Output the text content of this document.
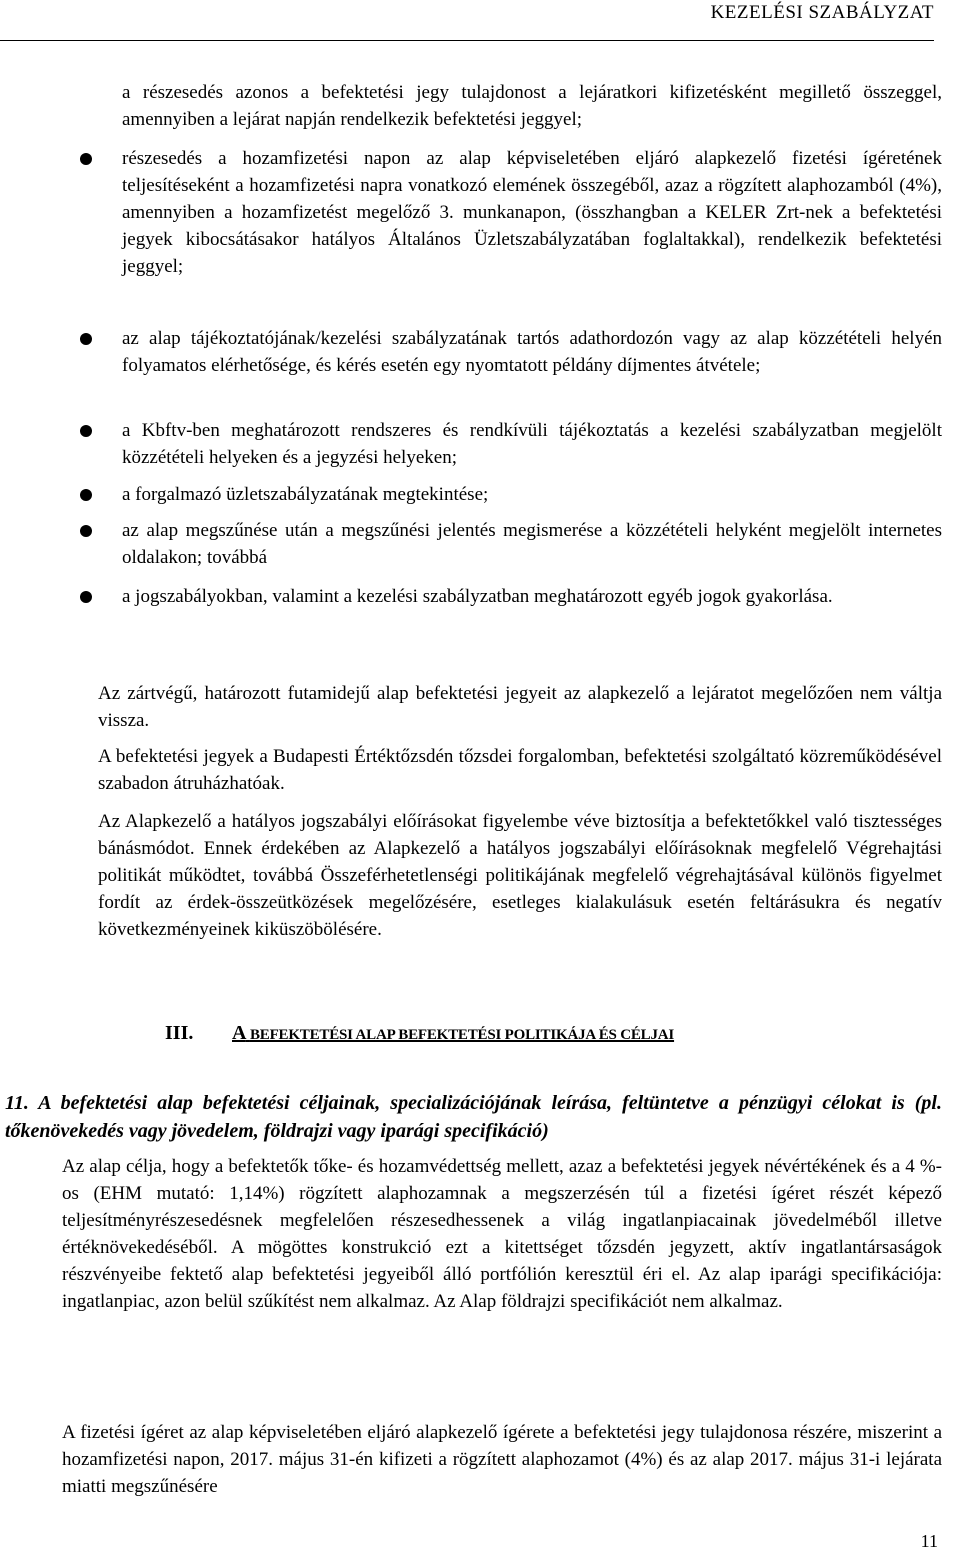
KEZELÉSI SZABÁLYZAT

a részesedés azonos a befektetési jegy tulajdonost a lejáratkori kifizetésként megillető összeggel, amennyiben a lejárat napján rendelkezik befektetési jeggyel;

részesedés a hozamfizetési napon az alap képviseletében eljáró alapkezelő fizetési ígéretének teljesítéseként a hozamfizetési napra vonatkozó elemének összegéből, azaz a rögzített alaphozamból (4%), amennyiben a hozamfizetést megelőző 3. munkanapon, (összhangban a KELER Zrt-nek a befektetési jegyek kibocsátásakor hatályos Általános Üzletszabályzatában foglaltakkal), rendelkezik befektetési jeggyel;

az alap tájékoztatójának/kezelési szabályzatának tartós adathordozón vagy az alap közzétételi helyén folyamatos elérhetősége, és kérés esetén egy nyomtatott példány díjmentes átvétele;

a Kbftv-ben meghatározott rendszeres és rendkívüli tájékoztatás a kezelési szabályzatban megjelölt közzétételi helyeken és a jegyzési helyeken;

a forgalmazó üzletszabályzatának megtekintése;

az alap megszűnése után a megszűnési jelentés megismerése a közzétételi helyként megjelölt internetes oldalakon; továbbá

a jogszabályokban, valamint a kezelési szabályzatban meghatározott egyéb jogok gyakorlása.

Az zártvégű, határozott futamidejű alap befektetési jegyeit az alapkezelő a lejáratot megelőzően nem váltja vissza.

A befektetési jegyek a Budapesti Értéktőzsdén tőzsdei forgalomban, befektetési szolgáltató közreműködésével szabadon átruházhatóak.

Az Alapkezelő a hatályos jogszabályi előírásokat figyelembe véve biztosítja a befektetőkkel való tisztességes bánásmódot. Ennek érdekében az Alapkezelő a hatályos jogszabályi előírásoknak megfelelő Végrehajtási politikát működtet, továbbá Összeférhetetlenségi politikájának megfelelő végrehajtásával különös figyelmet fordít az érdek-összeütközések megelőzésére, esetleges kialakulásuk esetén feltárásukra és negatív következményeinek kiküszöbölésére.

III. A BEFEKTETÉSI ALAP BEFEKTETÉSI POLITIKÁJA ÉS CÉLJAI

11. A befektetési alap befektetési céljainak, specializációjának leírása, feltüntetve a pénzügyi célokat is (pl. tőkenövekedés vagy jövedelem, földrajzi vagy iparági specifikáció)

Az alap célja, hogy a befektetők tőke- és hozamvédettség mellett, azaz a befektetési jegyek névértékének és a 4 %-os (EHM mutató: 1,14%) rögzített alaphozamnak a megszerzésén túl a fizetési ígéret részét képező teljesítményrészesedésnek megfelelően részesedhessenek a világ ingatlanpiacainak jövedelméből illetve értéknövekedéséből. A mögöttes konstrukció ezt a kitettséget tőzsdén jegyzett, aktív ingatlantársaságok részvényeibe fektető alap befektetési jegyeiből álló portfólión keresztül éri el. Az alap iparági specifikációja: ingatlanpiac, azon belül szűkítést nem alkalmaz. Az Alap földrajzi specifikációt nem alkalmaz.

A fizetési ígéret az alap képviseletében eljáró alapkezelő ígérete a befektetési jegy tulajdonosa részére, miszerint a hozamfizetési napon, 2017. május 31-én kifizeti a rögzített alaphozamot (4%) és az alap 2017. május 31-i lejárata miatti megszűnésére

11
